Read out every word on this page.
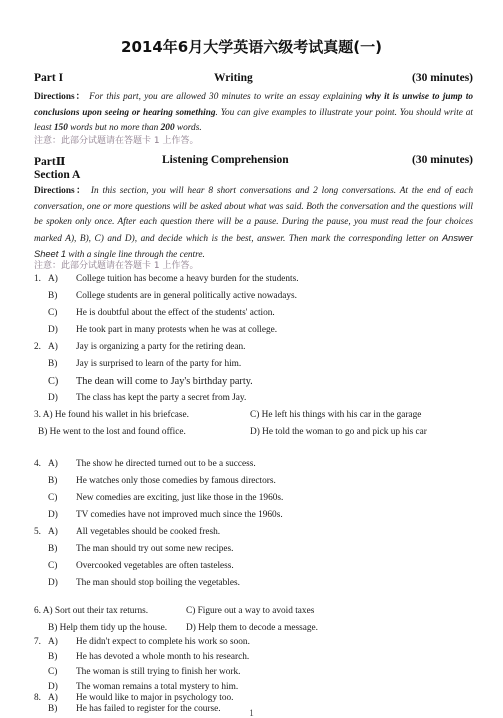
2014年6月大学英语六级考试真题(一)
Part I	Writing	(30 minutes)
Directions： For this part, you are allowed 30 minutes to write an essay explaining why it is unwise to jump to conclusions upon seeing or hearing something. You can give examples to illustrate your point. You should write at least 150 words but no more than 200 words.
注意：此部分试题请在答题卡 1 上作答。
PartⅡ	Listening Comprehension	(30 minutes)
Section A
Directions： In this section, you will hear 8 short conversations and 2 long conversations. At the end of each conversation, one or more questions will be asked about what was said. Both the conversation and the questions will be spoken only once. After each question there will be a pause. During the pause, you must read the four choices marked A), B), C) and D), and decide which is the best, answer. Then mark the corresponding letter on Answer Sheet 1 with a single line through the centre.
注意：此部分试题请在答题卡 1 上作答。
1. A) College tuition has become a heavy burden for the students.
B) College students are in general politically active nowadays.
C) He is doubtful about the effect of the students' action.
D) He took part in many protests when he was at college.
2. A) Jay is organizing a party for the retiring dean.
B) Jay is surprised to learn of the party for him.
C) The dean will come to Jay's birthday party.
D) The class has kept the party a secret from Jay.
3. A) He found his wallet in his briefcase.	C) He left his things with his car in the garage
B) He went to the lost and found office.	D) He told the woman to go and pick up his car
4. A) The show he directed turned out to be a success.
B) He watches only those comedies by famous directors.
C) New comedies are exciting, just like those in the 1960s.
D) TV comedies have not improved much since the 1960s.
5. A) All vegetables should be cooked fresh.
B) The man should try out some new recipes.
C) Overcooked vegetables are often tasteless.
D) The man should stop boiling the vegetables.
6. A) Sort out their tax returns.	C) Figure out a way to avoid taxes
B) Help them tidy up the house. D) Help them to decode a message.
7. A) He didn't expect to complete his work so soon.
B) He has devoted a whole month to his research.
C) The woman is still trying to finish her work.
D) The woman remains a total mystery to him.
1
8. A) He would like to major in psychology too.
B) He has failed to register for the course.
